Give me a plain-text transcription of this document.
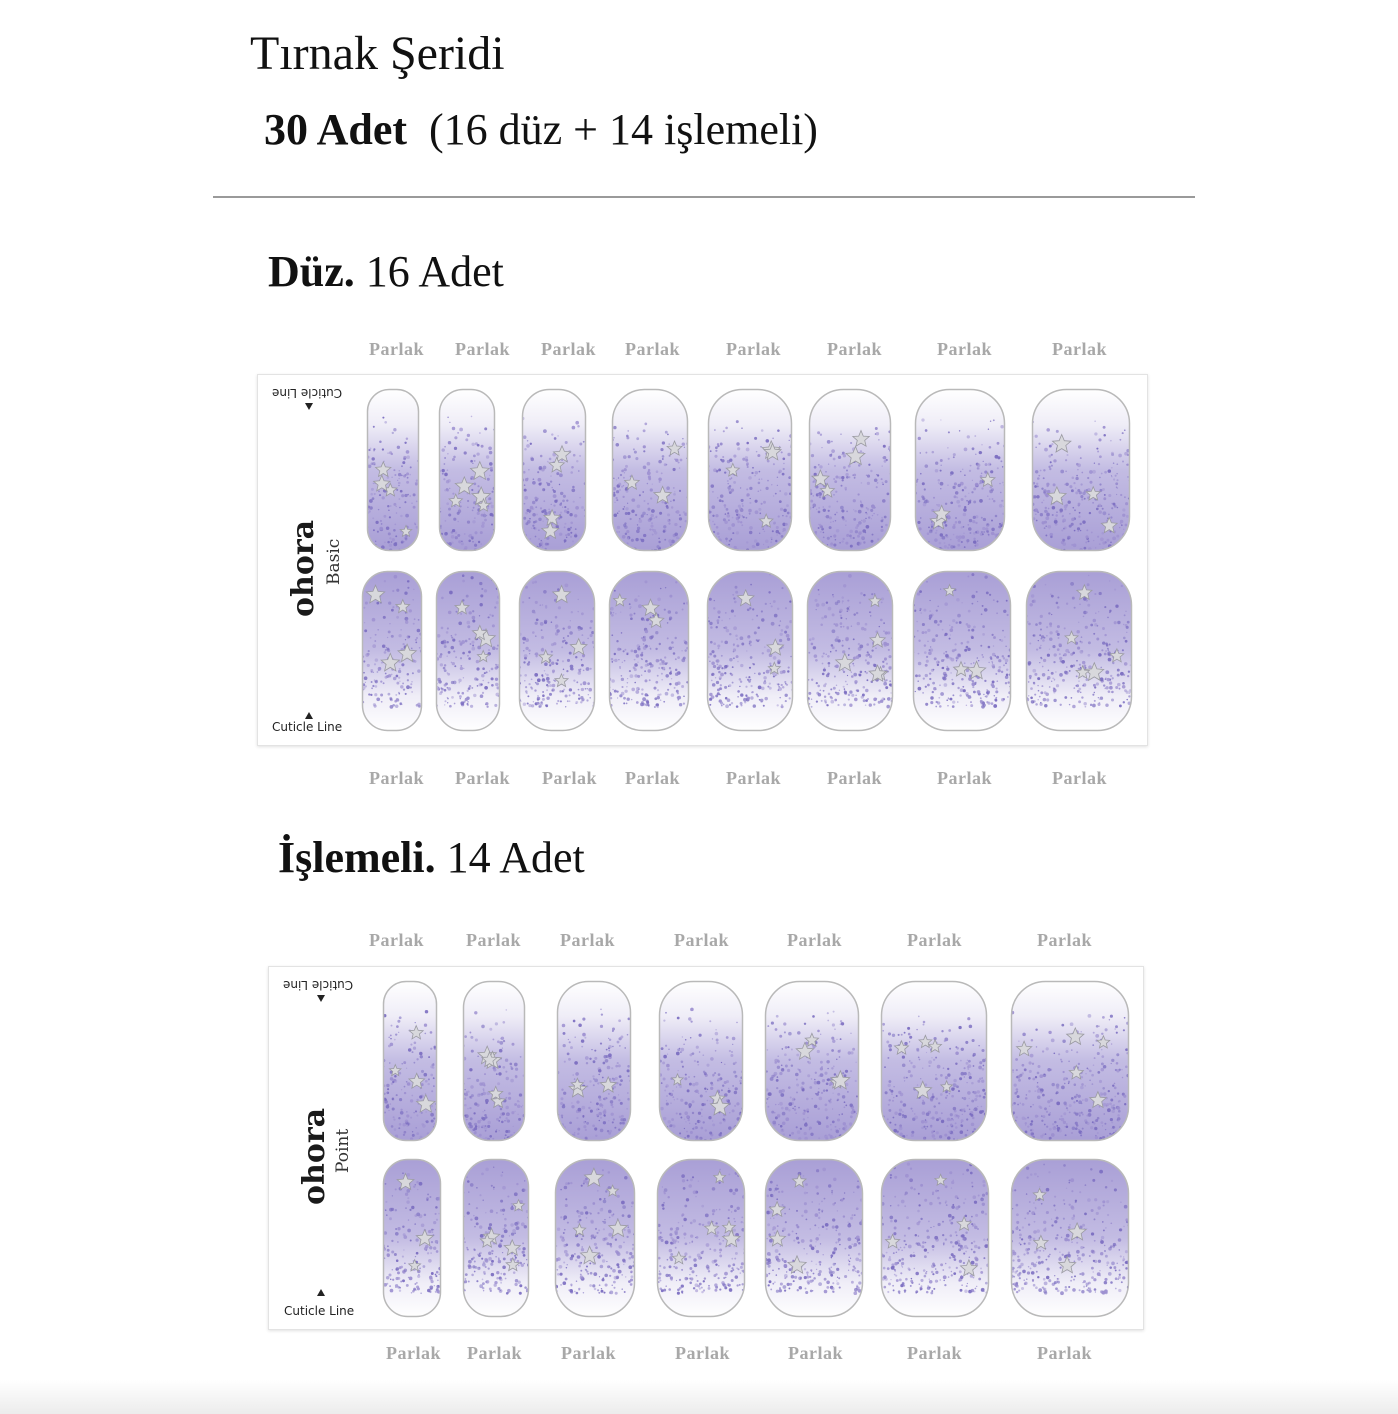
Tırnak Şeridi
30 Adet (16 düz + 14 işlemeli)
Düz. 16 Adet
Parlak Parlak Parlak Parlak	Parlak	Parlak	Parlak	Parlak
Cuticle Line
ohora Basic
Cuticle Line
Parlak Parlak Parlak Parlak	Parlak	Parlak	Parlak	Parlak
İşlemeli. 14 Adet
Parlak Parlak Parlak	Parlak	Parlak	Parlak	Parlak
Cuticle Line
ohora Point
Cuticle Line
Parlak Parlak Parlak	Parlak	Parlak	Parlak	Parlak
